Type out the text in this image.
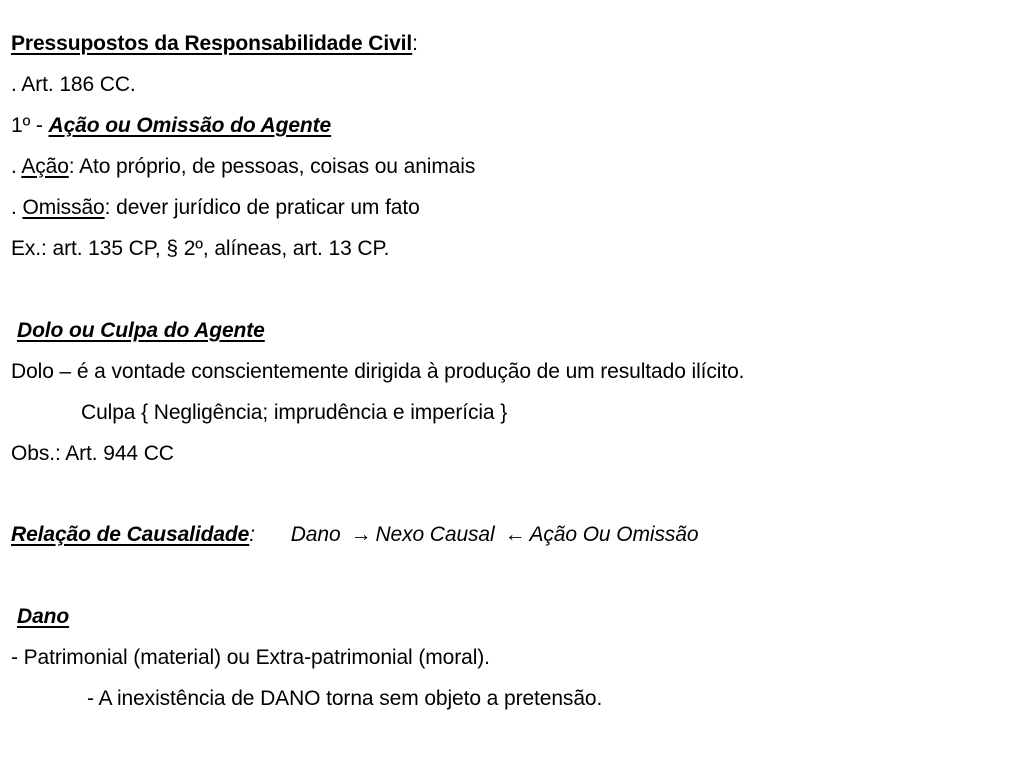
Pressupostos da Responsabilidade Civil:
. Art. 186 CC.
1º - Ação ou Omissão do Agente
. Ação: Ato próprio, de pessoas, coisas ou animais
. Omissão: dever jurídico de praticar um fato
Ex.: art. 135 CP, § 2º, alíneas, art. 13 CP.
Dolo ou Culpa do Agente
Dolo – é a vontade conscientemente dirigida à produção de um resultado ilícito.
Culpa { Negligência; imprudência e imperícia }
Obs.: Art. 944 CC
Relação de Causalidade: Dano → Nexo Causal ← Ação Ou Omissão
Dano
- Patrimonial (material) ou Extra-patrimonial (moral).
- A inexistência de DANO torna sem objeto a pretensão.
